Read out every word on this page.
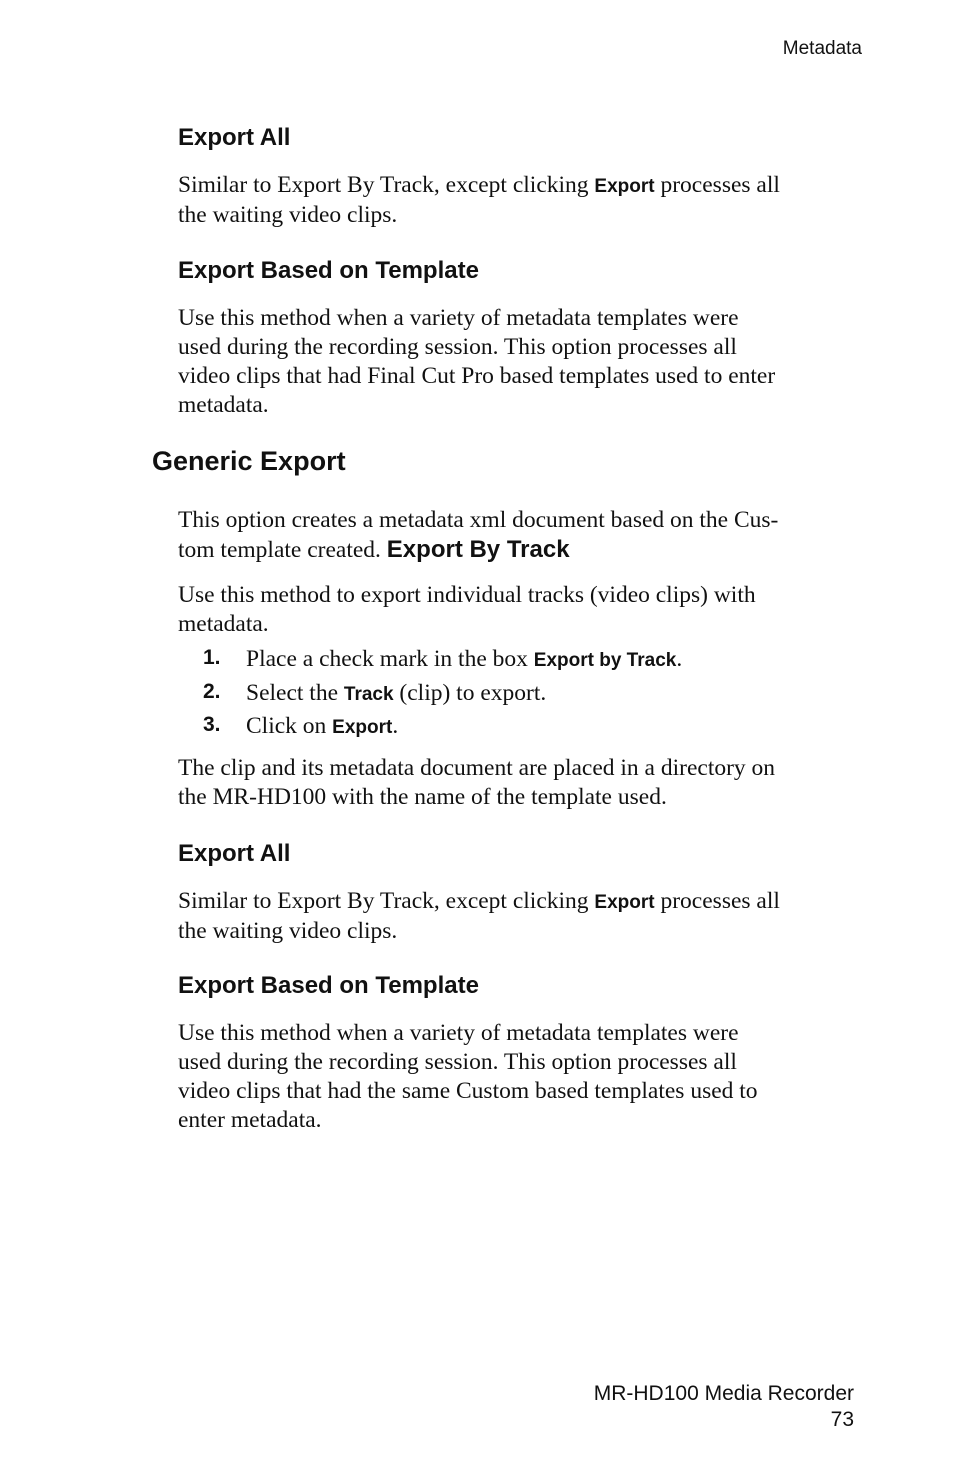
Metadata
Export All
Similar to Export By Track, except clicking Export processes all
the waiting video clips.
Export Based on Template
Use this method when a variety of metadata templates were
used during the recording session. This option processes all
video clips that had Final Cut Pro based templates used to enter
metadata.
Generic Export
This option creates a metadata xml document based on the Cus-
tom template created. Export By Track
Use this method to export individual tracks (video clips) with
metadata.
1. Place a check mark in the box Export by Track.
2. Select the Track (clip) to export.
3. Click on Export.
The clip and its metadata document are placed in a directory on
the MR-HD100 with the name of the template used.
Export All
Similar to Export By Track, except clicking Export processes all
the waiting video clips.
Export Based on Template
Use this method when a variety of metadata templates were
used during the recording session. This option processes all
video clips that had the same Custom based templates used to
enter metadata.
MR-HD100 Media Recorder
73
